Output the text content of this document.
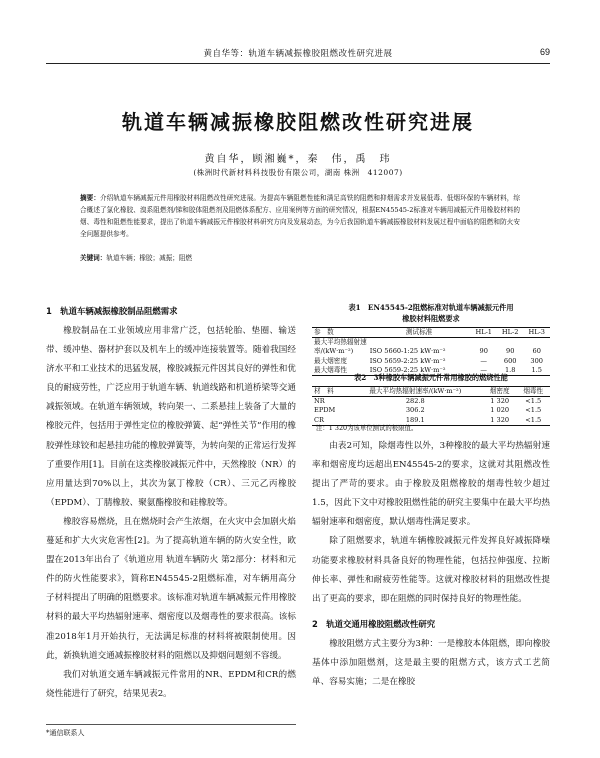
黄自华等：轨道车辆减振橡胶阻燃改性研究进展	69
轨道车辆减振橡胶阻燃改性研究进展
黄自华，顾湘巍*，秦　伟，禹　玮
(株洲时代新材料科技股份有限公司，湖南 株洲　412007)
摘要：介绍轨道车辆减振元件用橡胶材料阻燃改性研究进展。为提高车辆阻燃性能和满足高铁的阻燃和抑烟需求并发展低毒、低烟环保的车辆材料，综合概述了氯化橡胶、溴系阻燃剂/锑和胶体阻燃剂及阻燃体系配方、应用案例等方面的研究情况，根据EN45545-2标准对车辆用减振元件用橡胶材料的烟、毒性和阻燃性能要求，提出了轨道车辆减振元件橡胶材料研究方向及发展动态，为今后我国轨道车辆减振橡胶材料发展过程中面临的阻燃和防火安全问题提供参考。
关键词：轨道车辆；橡胶；减振；阻燃
1　轨道车辆减振橡胶制品阻燃需求

橡胶制品在工业领域应用非常广泛，包括轮胎、垫圈、输送带、缓冲垫、器材护套以及机车上的缓冲连接装置等。随着我国经济水平和工业技术的迅猛发展，橡胶减振元件因其良好的弹性和优良的耐疲劳性，广泛应用于轨道车辆、轨道线路和机道桥梁等交通减振领域。在轨道车辆领域，转向架一、二系悬挂上装备了大量的橡胶元件，包括用于弹性定位的橡胶弹簧、起“弹性关节”作用的橡胶弹性球铰和起悬挂功能的橡胶弹簧等，为转向架的正常运行发挥了重要作用[1]。目前在这类橡胶减振元件中，天然橡胶（NR）的应用量达到70%以上，其次为氯丁橡胶（CR）、三元乙丙橡胶（EPDM）、丁腈橡胶、聚氨酯橡胶和硅橡胶等。

橡胶容易燃烧，且在燃烧时会产生浓烟，在火灾中会加剧火焰蔓延和扩大火灾危害性[2]。为了提高轨道车辆的防火安全性，欧盟在2013年出台了《轨道应用 轨道车辆防火 第2部分：材料和元件的防火性能要求》，简称EN45545-2阻燃标准，对车辆用高分子材料提出了明确的阻燃要求。该标准对轨道车辆减振元件用橡胶材料的最大平均热辐射速率、烟密度以及烟毒性的要求很高。该标准2018年1月开始执行，无法满足标准的材料将被限制使用。因此，新换轨道交通减振橡胶材料的阻燃以及抑烟问题刻不容缓。

我们对轨道交通车辆减振元件常用的NR、EPDM和CR的燃烧性能进行了研究，结果见表2。

*通信联系人
表1　EN45545-2阻燃标准对轨道车辆减振元件用
橡胶材料阻燃要求
参　数	测试标准	HL-1	HL-2	HL-3
最大平均热辐射速				
率/(kW·m⁻²)	ISO 5660-1:25 kW·m⁻²	90	90	60
最大烟密度	ISO 5659-2:25 kW·m⁻²	—	600	300
最大烟毒性	ISO 5659-2:25 kW·m⁻²	—	1.8	1.5
表2　3种橡胶车辆减振元件常用橡胶的燃烧性能
材　料	最大平均热辐射速率/(kW·m⁻²)	烟密度	烟毒性
NR	282.8	1 320	<1.5
EPDM	306.2	1 020	<1.5
CR	189.1	1 320	<1.5
注：1 320为该单位测试的极限值。

由表2可知，除烟毒性以外，3种橡胶的最大平均热辐射速率和烟密度均远超出EN45545-2的要求，这就对其阻燃改性提出了严苛的要求。由于橡胶及阻燃橡胶的烟毒性较少超过1.5，因此下文中对橡胶阻燃性能的研究主要集中在最大平均热辐射速率和烟密度，默认烟毒性满足要求。

除了阻燃要求，轨道车辆橡胶减振元件发挥良好减振降噪功能要求橡胶材料具备良好的物理性能，包括拉伸强度、拉断伸长率、弹性和耐疲劳性能等。这就对橡胶材料的阻燃改性提出了更高的要求，即在阻燃的同时保持良好的物理性能。

2　轨道交通用橡胶阻燃改性研究

橡胶阻燃方式主要分为3种：一是橡胶本体阻燃，即向橡胶基体中添加阻燃剂，这是最主要的阻燃方式，该方式工艺简单、容易实施；二是在橡胶
